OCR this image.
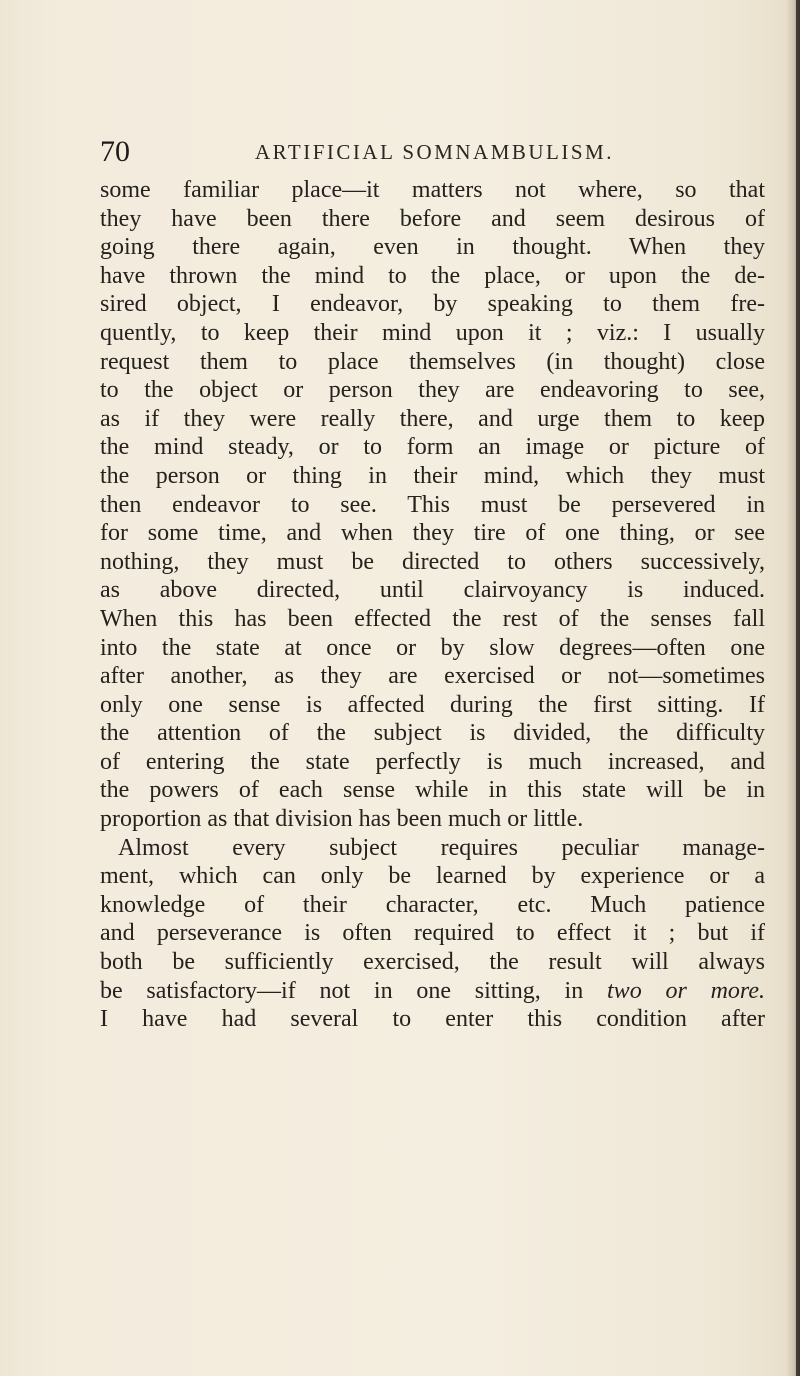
70	ARTIFICIAL SOMNAMBULISM.
some familiar place—it matters not where, so that
they have been there before and seem desirous of
going there again, even in thought. When they
have thrown the mind to the place, or upon the de-
sired object, I endeavor, by speaking to them fre-
quently, to keep their mind upon it ; viz.: I usually
request them to place themselves (in thought) close
to the object or person they are endeavoring to see,
as if they were really there, and urge them to keep
the mind steady, or to form an image or picture of
the person or thing in their mind, which they must
then endeavor to see. This must be persevered in
for some time, and when they tire of one thing, or see
nothing, they must be directed to others successively,
as above directed, until clairvoyancy is induced.
When this has been effected the rest of the senses fall
into the state at once or by slow degrees—often one
after another, as they are exercised or not—sometimes
only one sense is affected during the first sitting. If
the attention of the subject is divided, the difficulty
of entering the state perfectly is much increased, and
the powers of each sense while in this state will be in
proportion as that division has been much or little.
Almost every subject requires peculiar manage-
ment, which can only be learned by experience or a
knowledge of their character, etc. Much patience
and perseverance is often required to effect it ; but if
both be sufficiently exercised, the result will always
be satisfactory—if not in one sitting, in two or more.
I have had several to enter this condition after
